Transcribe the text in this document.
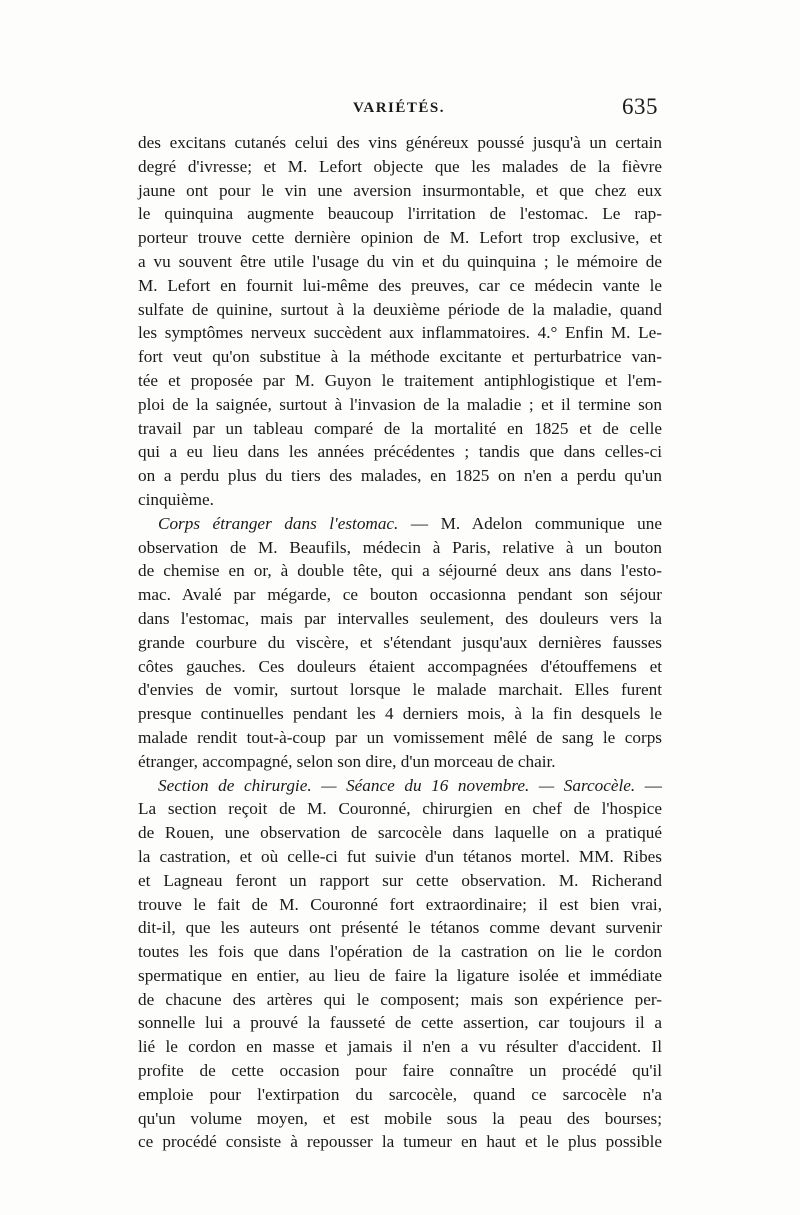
VARIÉTÉS.	635
des excitans cutanés celui des vins généreux poussé jusqu'à un certain
degré d'ivresse; et M. Lefort objecte que les malades de la fièvre
jaune ont pour le vin une aversion insurmontable, et que chez eux
le quinquina augmente beaucoup l'irritation de l'estomac. Le rap-
porteur trouve cette dernière opinion de M. Lefort trop exclusive, et
a vu souvent être utile l'usage du vin et du quinquina ; le mémoire de
M. Lefort en fournit lui-même des preuves, car ce médecin vante le
sulfate de quinine, surtout à la deuxième période de la maladie, quand
les symptômes nerveux succèdent aux inflammatoires. 4.° Enfin M. Le-
fort veut qu'on substitue à la méthode excitante et perturbatrice van-
tée et proposée par M. Guyon le traitement antiphlogistique et l'em-
ploi de la saignée, surtout à l'invasion de la maladie ; et il termine son
travail par un tableau comparé de la mortalité en 1825 et de celle
qui a eu lieu dans les années précédentes ; tandis que dans celles-ci
on a perdu plus du tiers des malades, en 1825 on n'en a perdu qu'un
cinquième.
Corps étranger dans l'estomac. — M. Adelon communique une
observation de M. Beaufils, médecin à Paris, relative à un bouton
de chemise en or, à double tête, qui a séjourné deux ans dans l'esto-
mac. Avalé par mégarde, ce bouton occasionna pendant son séjour
dans l'estomac, mais par intervalles seulement, des douleurs vers la
grande courbure du viscère, et s'étendant jusqu'aux dernières fausses
côtes gauches. Ces douleurs étaient accompagnées d'étouffemens et
d'envies de vomir, surtout lorsque le malade marchait. Elles furent
presque continuelles pendant les 4 derniers mois, à la fin desquels le
malade rendit tout-à-coup par un vomissement mêlé de sang le corps
étranger, accompagné, selon son dire, d'un morceau de chair.
Section de chirurgie. — Séance du 16 novembre. — Sarcocèle. —
La section reçoit de M. Couronné, chirurgien en chef de l'hospice
de Rouen, une observation de sarcocèle dans laquelle on a pratiqué
la castration, et où celle-ci fut suivie d'un tétanos mortel. MM. Ribes
et Lagneau feront un rapport sur cette observation. M. Richerand
trouve le fait de M. Couronné fort extraordinaire; il est bien vrai,
dit-il, que les auteurs ont présenté le tétanos comme devant survenir
toutes les fois que dans l'opération de la castration on lie le cordon
spermatique en entier, au lieu de faire la ligature isolée et immédiate
de chacune des artères qui le composent; mais son expérience per-
sonnelle lui a prouvé la fausseté de cette assertion, car toujours il a
lié le cordon en masse et jamais il n'en a vu résulter d'accident. Il
profite de cette occasion pour faire connaître un procédé qu'il
emploie pour l'extirpation du sarcocèle, quand ce sarcocèle n'a
qu'un volume moyen, et est mobile sous la peau des bourses;
ce procédé consiste à repousser la tumeur en haut et le plus possible
